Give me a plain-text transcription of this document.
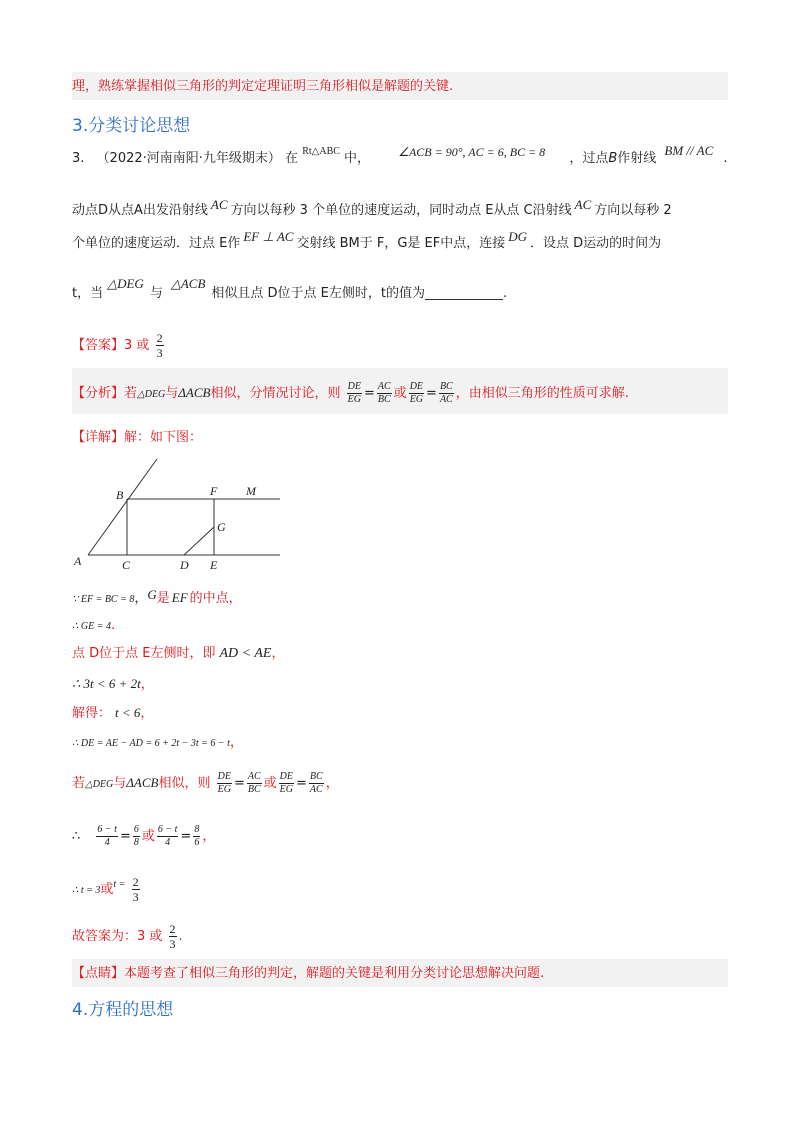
理，熟练掌握相似三角形的判定定理证明三角形相似是解题的关键.
3.分类讨论思想
3. （2022·河南南阳·九年级期末） 在 $^{Rt\triangle ABC}$ 中， ∠ACB = 90°, AC = 6, BC = 8 ，过点B作射线 BM // AC .
动点D从点A出发沿射线 AC 方向以每秒 3 个单位的速度运动，同时动点 E从点 C沿射线 AC 方向以每秒 2
个单位的速度运动．过点 E作 EF ⊥ AC 交射线 BM于 F，G是 EF中点，连接 DG ．设点 D运动的时间为
t，当△DEG与△ACB相似且点 D位于点 E左侧时，t的值为____________.
【答案】3 或 $\frac{2}{3}$
【分析】若△DEG与ΔACB相似，分情况讨论，则 $\frac{DE}{EG} = \frac{AC}{BC}$ 或 $\frac{DE}{EG} = \frac{BC}{AC}$ ，由相似三角形的性质可求解.
【详解】解：如下图：
A
B
C	D E
F
G
M
∵ EF = BC = 8，G是 EF 的中点，
∴ GE = 4.
点 D位于点 E左侧时，即 AD < AE，
∴ 3t < 6 + 2t，
解得： t < 6，
∴ DE = AE − AD = 6 + 2t − 3t = 6 − t，
若△DEG与ΔACB相似，则 $\frac{DE}{EG} = \frac{AC}{BC}$ 或 $\frac{DE}{EG} = \frac{BC}{AC}$ ，
∴ $\frac{6 - t}{4} = \frac{6}{8}$ 或 $\frac{6 - t}{4} = \frac{8}{6}$ ，
∴ t = 3或$^{t =} \frac{2}{3}$
故答案为：3 或 $\frac{2}{3}$ .
【点睛】本题考查了相似三角形的判定，解题的关键是利用分类讨论思想解决问题.
4.方程的思想
